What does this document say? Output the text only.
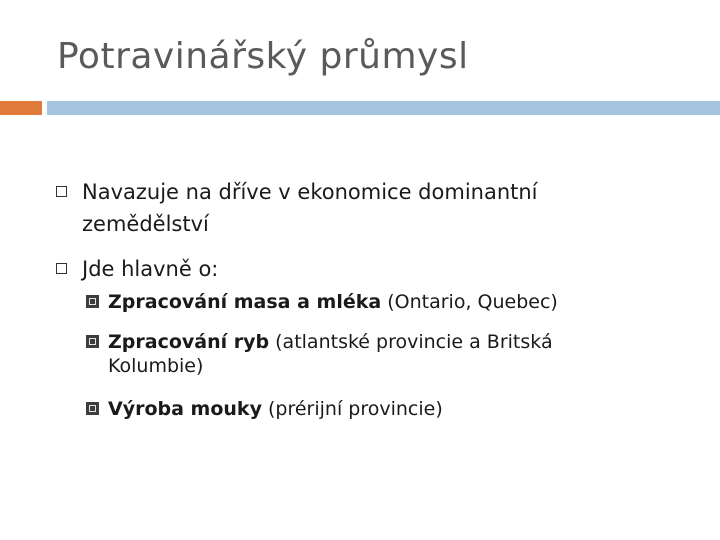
Potravinářský průmysl
Navazuje na dříve v ekonomice dominantní zemědělství
Jde hlavně o:
Zpracování masa a mléka (Ontario, Quebec)
Zpracování ryb (atlantské provincie a Britská Kolumbie)
Výroba mouky (prérijní provincie)
